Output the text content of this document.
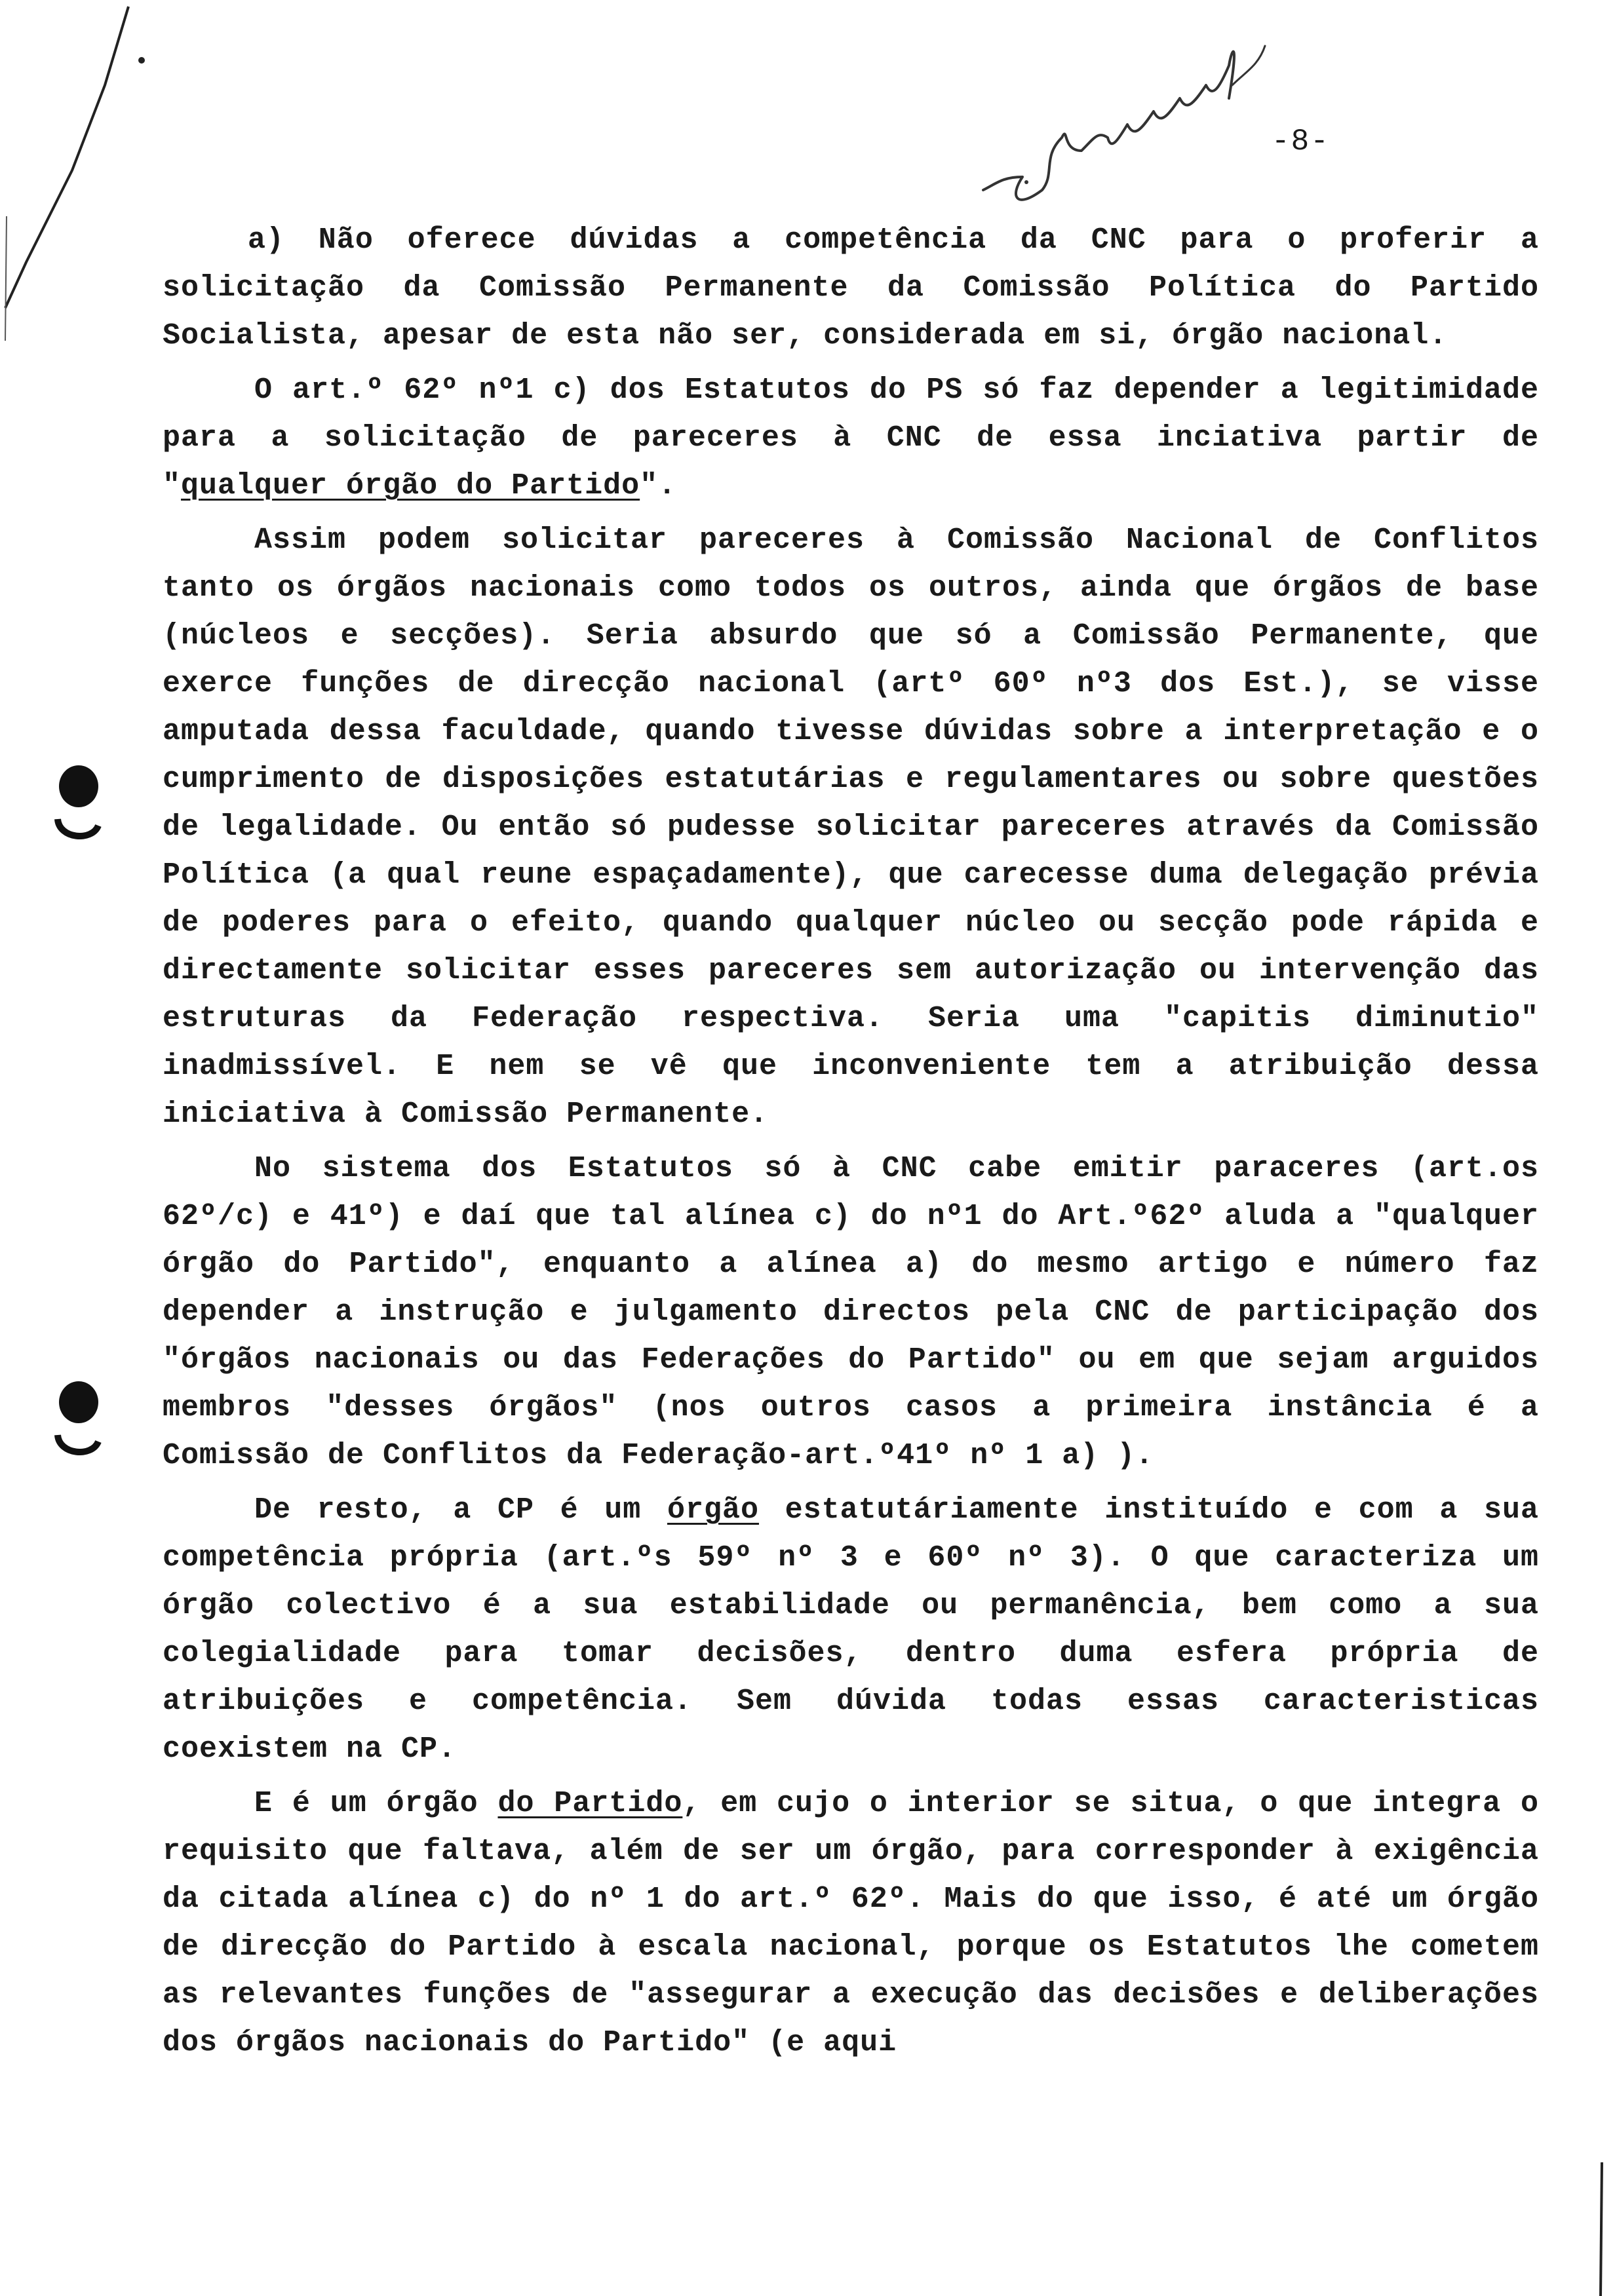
-8-

a) Não oferece dúvidas a competência da CNC para o proferir a solicitação da Comissão Permanente da Comissão Política do Partido Socialista, apesar de esta não ser, considerada em si, órgão nacional.

O art.º 62º nº1 c) dos Estatutos do PS só faz depender a legitimidade para a solicitação de pareceres à CNC de essa inciativa partir de "qualquer órgão do Partido".

Assim podem solicitar pareceres à Comissão Nacional de Conflitos tanto os órgãos nacionais como todos os outros, ainda que órgãos de base (núcleos e secções). Seria absurdo que só a Comissão Permanente, que exerce funções de direcção nacional (artº 60º nº3 dos Est.), se visse amputada dessa faculdade, quando tivesse dúvidas sobre a interpretação e o cumprimento de disposições estatutárias e regulamentares ou sobre questões de legalidade. Ou então só pudesse solicitar pareceres através da Comissão Política (a qual reune espaçadamente), que carecesse duma delegação prévia de poderes para o efeito, quando qualquer núcleo ou secção pode rápida e directamente solicitar esses pareceres sem autorização ou intervenção das estruturas da Federação respectiva. Seria uma "capitis diminutio" inadmissível. E nem se vê que inconveniente tem a atribuição dessa iniciativa à Comissão Permanente.

No sistema dos Estatutos só à CNC cabe emitir paraceres (art.os 62º/c) e 41º) e daí que tal alínea c) do nº1 do Art.º62º aluda a "qualquer órgão do Partido", enquanto a alínea a) do mesmo artigo e número faz depender a instrução e julgamento directos pela CNC de participação dos "órgãos nacionais ou das Federações do Partido" ou em que sejam arguidos membros "desses órgãos" (nos outros casos a primeira instância é a Comissão de Conflitos da Federação-art.º41º nº 1 a) ).

De resto, a CP é um órgão estatutáriamente instituído e com a sua competência própria (art.ºs 59º nº 3 e 60º nº 3). O que caracteriza um órgão colectivo é a sua estabilidade ou permanência, bem como a sua colegialidade para tomar decisões, dentro duma esfera própria de atribuições e competência. Sem dúvida todas essas caracteristicas coexistem na CP.

E é um órgão do Partido, em cujo o interior se situa, o que integra o requisito que faltava, além de ser um órgão, para corresponder à exigência da citada alínea c) do nº 1 do art.º 62º. Mais do que isso, é até um órgão de direcção do Partido à escala nacional, porque os Estatutos lhe cometem as relevantes funções de "assegurar a execução das decisões e deliberações dos órgãos nacionais do Partido" (e aqui
